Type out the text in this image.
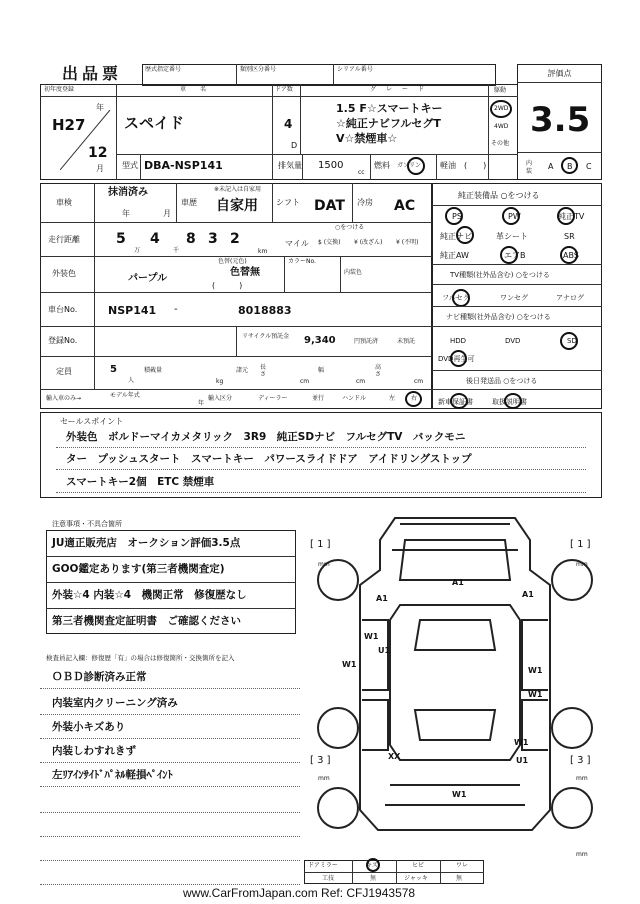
出品票	歴式指定番号	類別区分番号	シリアル番号	評価点
3.5
初年度登録	車名	ドア数	グレード
H27
年
12
月
スペイド	4
D
1.5 F☆スマートキー
☆純正ナビフルセグT
V☆禁煙車☆
駆動
2WD
4WD
その他
型式 DBA-NSP141	排気量 1500
cc
燃料 ガソリン 軽油 (　　)	内装
A B C
車検
抹消済み
年	月
車歴
※未記入は自家用
自家用 シフト DAT 冷房 AC
走行距離	5 4 8 3 2
万	千	km
マイル
○をつける
$ (交換) ¥ (改ざん) ¥ (不明)
外装色	パープル
色替(元色)
色替無
(　　　)
カラーNo.
内装色
車台No.	NSP141 -	8018883
登録No.	リサイクル預託金 9,340	円預託済	未預託
定員	5
人
積載量
kg
諸元 長さ
幅	高さ
cm	cm	cm
輸入車のみ→	モデル年式
年
輸入区分	ディーラー	並行	ハンドル	左	右
純正装備品 ○をつける
PS	PW	純正TV
純正ナビ	革シート	SR
純正AW	エアB	ABS
TV種類(社外品含む) ○をつける
フルセグ	ワンセグ	アナログ
ナビ種類(社外品含む) ○をつける
HDD	DVD	SD
DVD再生可
後日発送品 ○をつける
新車保証書	取扱説明書
セールスポイント
外装色　ボルドーマイカメタリック　3R9　純正SDナビ　フルセグTV　バックモニ
ター　プッシュスタート　スマートキー　パワースライドドア　アイドリングストップ
スマートキー2個　ETC 禁煙車
注意事項・不具合箇所
JU適正販売店　オークション評価3.5点
GOO鑑定あります(第三者機関査定)
外装☆4 内装☆4　機関正常　修復歴なし
第三者機関査定証明書　ご確認ください
検査員記入欄：修復歴「有」の場合は修復箇所・交換箇所を記入
ＯＢＤ診断済み正常
内装室内クリーニング済み
外装小キズあり
内装しわすれきず
左ﾘｱｲﾝｻｲﾄﾞﾊﾟﾈﾙ軽損ﾍﾟｲﾝﾄ
A1
A1	A1
W1
U1
W1
W1
W1
U1
W1
XX
W1
[ 1 ]
mm
[ 1 ]
mm
[ 3 ]
mm
[ 3 ]
mm
mm
ドアミラー	キズ	ヒビ	ワレ
工技	無	ジャッキ	無
www.CarFromJapan.com Ref: CFJ1943578
